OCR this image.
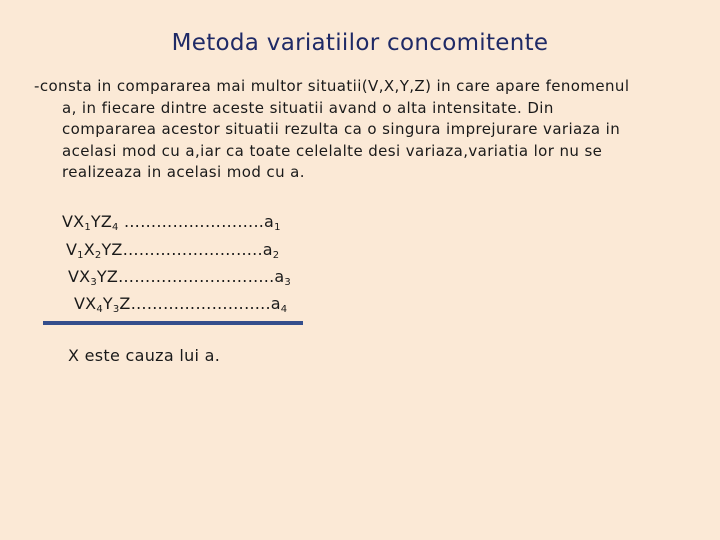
Metoda variatiilor concomitente
-consta in compararea mai multor situatii(V,X,Y,Z) in care apare fenomenul
a, in fiecare dintre aceste situatii avand o alta intensitate. Din
compararea acestor situatii rezulta ca o singura imprejurare variaza in
acelasi mod cu a,iar ca toate celelalte desi variaza,variatia lor nu se
realizeaza in acelasi mod cu a.
$VX_1YZ_4$ $\dots\dots\dots\dots\dots\dots\dots\dots..a_1$
$V_1X_2YZ\dots\dots\dots\dots\dots\dots\dots\dots..a_2$
$VX_3YZ\dots\dots\dots\dots\dots\dots\dots\dots\dots..a_3$
$VX_4Y_3Z\dots\dots\dots\dots\dots\dots\dots\dots..a_4$
X este cauza lui a.
